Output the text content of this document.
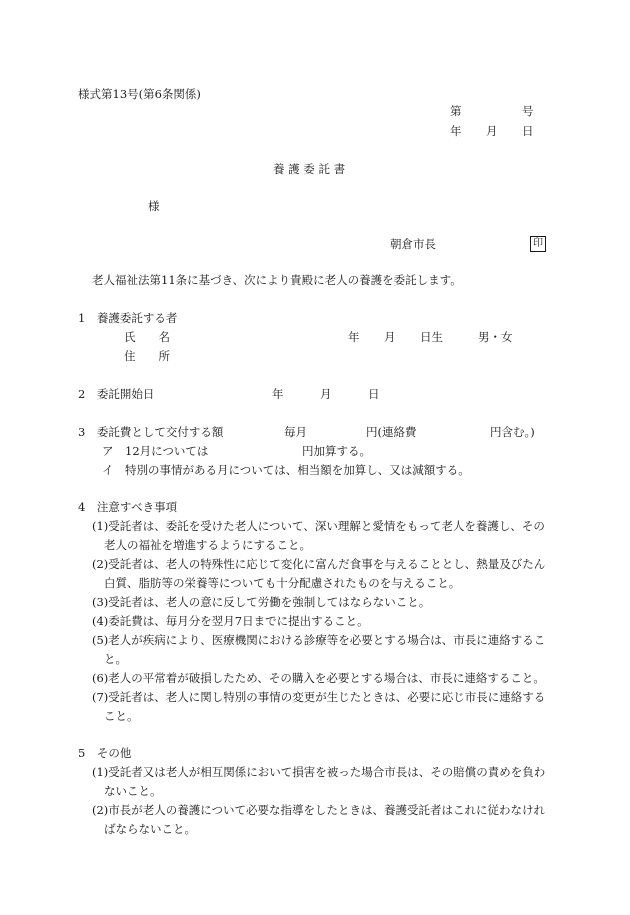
様式第13号(第6条関係)
第	号
年 月 日
養 護 委 託 書
様
朝倉市長	印
老人福祉法第11条に基づき、次により貴殿に老人の養護を委託します。
1　養護委託する者
氏　　名	年 月 日生	男・女
住　　所
2　委託開始日	年	月	日
3　委託費として交付する額	毎月	円(連絡費	円含む。)
ア　12月については	円加算する。
イ　特別の事情がある月については、相当額を加算し、又は減額する。
4　注意すべき事項
(1)受託者は、委託を受けた老人について、深い理解と愛情をもって老人を養護し、その
老人の福祉を増進するようにすること。
(2)受託者は、老人の特殊性に応じて変化に富んだ食事を与えることとし、熱量及びたん
白質、脂肪等の栄養等についても十分配慮されたものを与えること。
(3)受託者は、老人の意に反して労働を強制してはならないこと。
(4)委託費は、毎月分を翌月7日までに提出すること。
(5)老人が疾病により、医療機関における診療等を必要とする場合は、市長に連絡するこ
と。
(6)老人の平常着が破損したため、その購入を必要とする場合は、市長に連絡すること。
(7)受託者は、老人に関し特別の事情の変更が生じたときは、必要に応じ市長に連絡する
こと。
5　その他
(1)受託者又は老人が相互関係において損害を被った場合市長は、その賠償の責めを負わ
ないこと。
(2)市長が老人の養護について必要な指導をしたときは、養護受託者はこれに従わなけれ
ばならないこと。
